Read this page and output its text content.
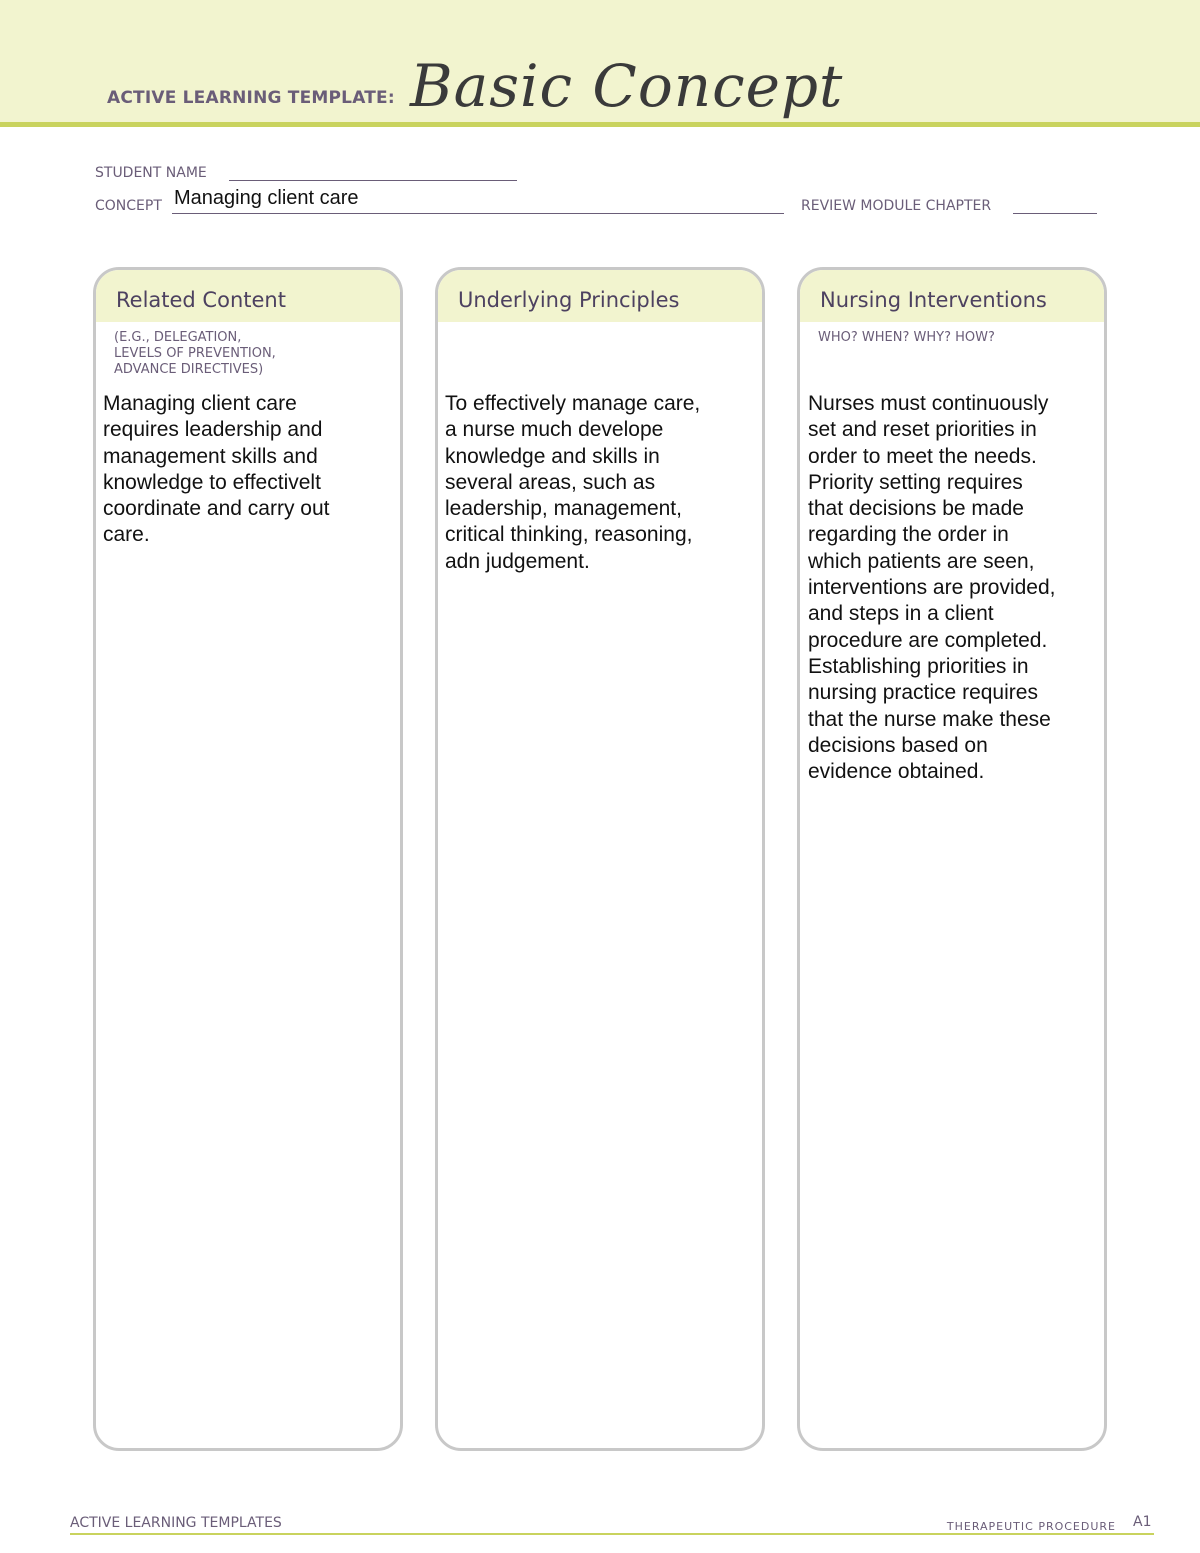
ACTIVE LEARNING TEMPLATE: Basic Concept
STUDENT NAME
CONCEPT Managing client care	REVIEW MODULE CHAPTER
Related Content
(E.G., DELEGATION,
LEVELS OF PREVENTION,
ADVANCE DIRECTIVES)
Managing client care
requires leadership and
management skills and
knowledge to effectivelt
coordinate and carry out
care.
Underlying Principles
To effectively manage care,
a nurse much develope
knowledge and skills in
several areas, such as
leadership, management,
critical thinking, reasoning,
adn judgement.
Nursing Interventions
WHO? WHEN? WHY? HOW?
Nurses must continuously
set and reset priorities in
order to meet the needs.
Priority setting requires
that decisions be made
regarding the order in
which patients are seen,
interventions are provided,
and steps in a client
procedure are completed.
Establishing priorities in
nursing practice requires
that the nurse make these
decisions based on
evidence obtained.
ACTIVE LEARNING TEMPLATES	THERAPEUTIC PROCEDURE A1
